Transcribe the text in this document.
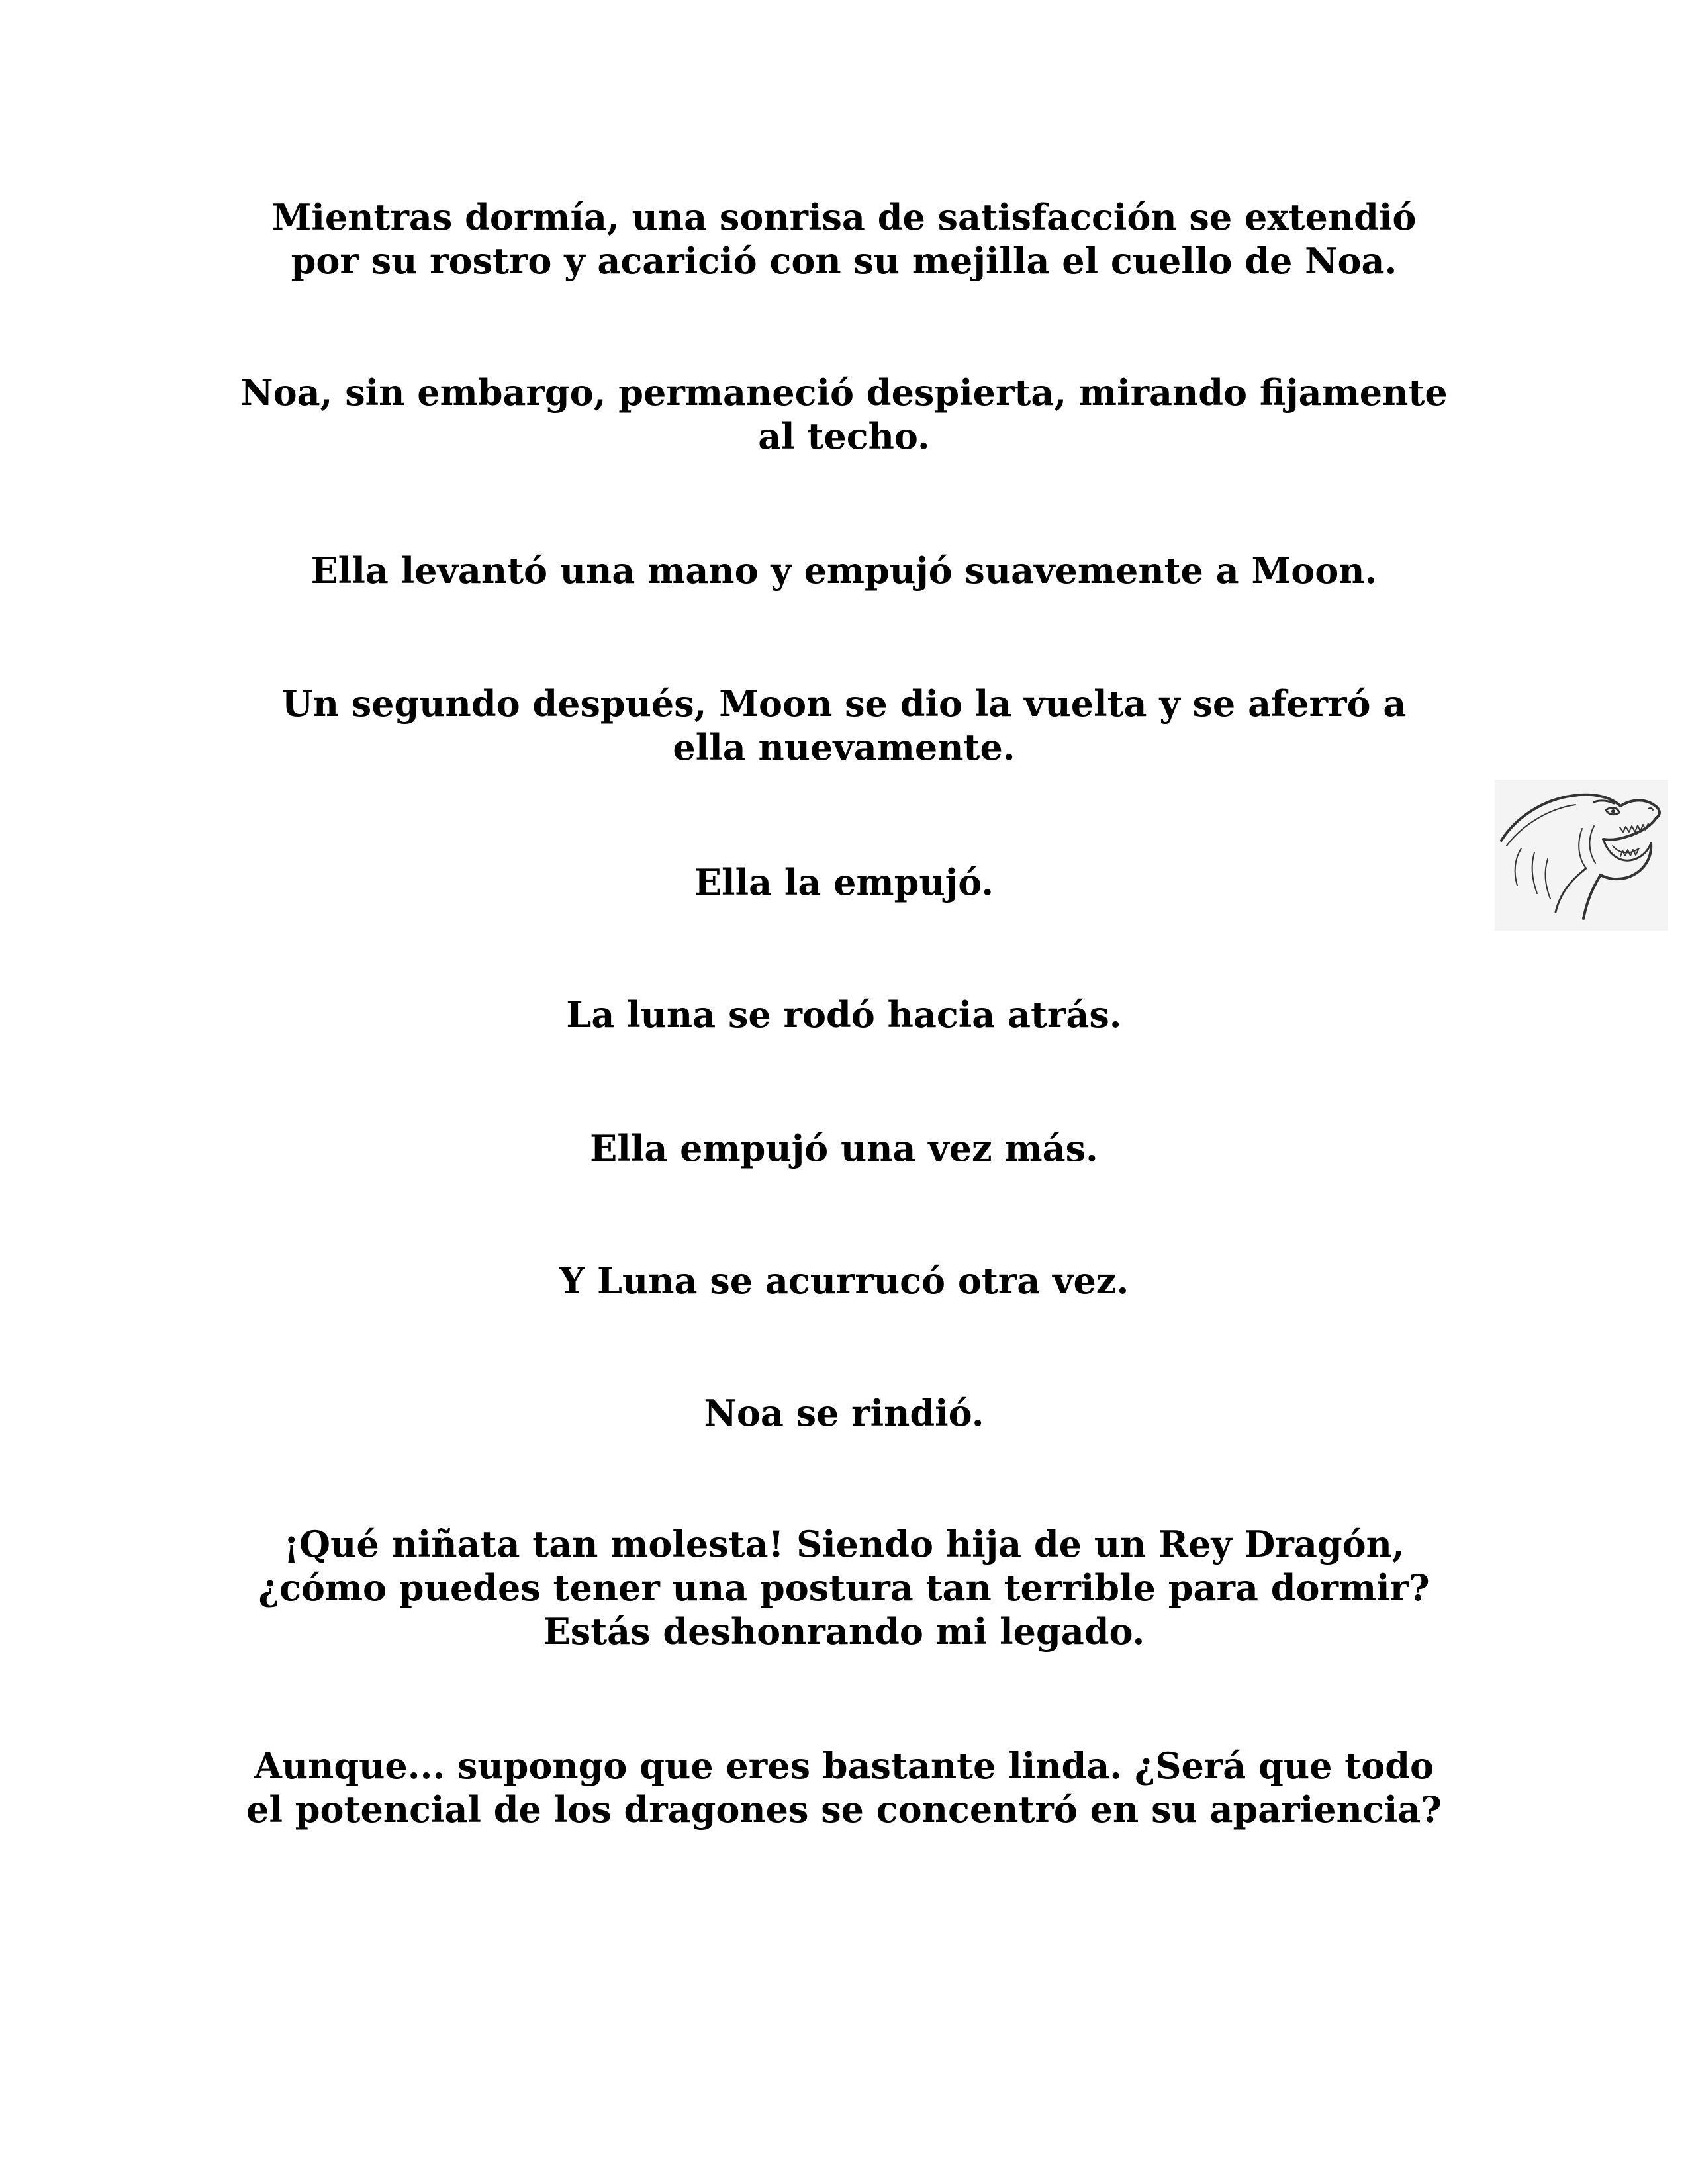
Mientras dormía, una sonrisa de satisfacción se extendió por su rostro y acarició con su mejilla el cuello de Noa.

Noa, sin embargo, permaneció despierta, mirando fijamente al techo.

Ella levantó una mano y empujó suavemente a Moon.

Un segundo después, Moon se dio la vuelta y se aferró a ella nuevamente.

Ella la empujó.

La luna se rodó hacia atrás.

Ella empujó una vez más.

Y Luna se acurrucó otra vez.

Noa se rindió.

¡Qué niñata tan molesta! Siendo hija de un Rey Dragón, ¿cómo puedes tener una postura tan terrible para dormir? Estás deshonrando mi legado.

Aunque... supongo que eres bastante linda. ¿Será que todo el potencial de los dragones se concentró en su apariencia?
